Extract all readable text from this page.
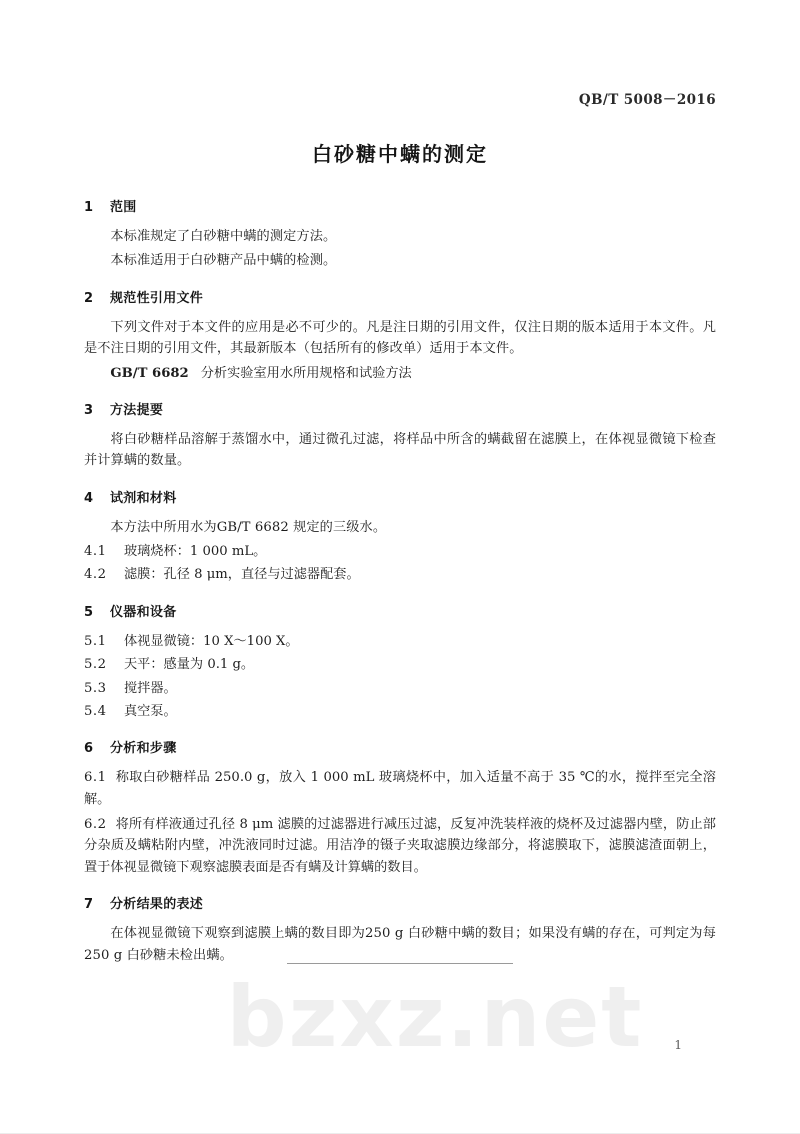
bzxz.net
QB/T 5008－2016
白砂糖中螨的测定
1 范围

本标准规定了白砂糖中螨的测定方法。

本标准适用于白砂糖产品中螨的检测。

2 规范性引用文件

下列文件对于本文件的应用是必不可少的。凡是注日期的引用文件，仅注日期的版本适用于本文件。凡是不注日期的引用文件，其最新版本（包括所有的修改单）适用于本文件。

GB/T 6682 分析实验室用水所用规格和试验方法

3 方法提要

将白砂糖样品溶解于蒸馏水中，通过微孔过滤，将样品中所含的螨截留在滤膜上，在体视显微镜下检查并计算螨的数量。

4 试剂和材料

本方法中所用水为GB/T 6682 规定的三级水。

4.1	玻璃烧杯：1 000 mL。
4.2	滤膜：孔径 8 μm，直径与过滤器配套。
5 仪器和设备
5.1	体视显微镜：10 X～100 X。
5.2	天平：感量为 0.1 g。
5.3	搅拌器。
5.4	真空泵。
6 分析和步骤

6.1 称取白砂糖样品 250.0 g，放入 1 000 mL 玻璃烧杯中，加入适量不高于 35 ℃的水，搅拌至完全溶解。

6.2 将所有样液通过孔径 8 μm 滤膜的过滤器进行减压过滤，反复冲洗装样液的烧杯及过滤器内壁，防止部分杂质及螨粘附内壁，冲洗液同时过滤。用洁净的镊子夹取滤膜边缘部分，将滤膜取下，滤膜滤渣面朝上，置于体视显微镜下观察滤膜表面是否有螨及计算螨的数目。

7 分析结果的表述

在体视显微镜下观察到滤膜上螨的数目即为250 g 白砂糖中螨的数目；如果没有螨的存在，可判定为每 250 g 白砂糖未检出螨。

1
